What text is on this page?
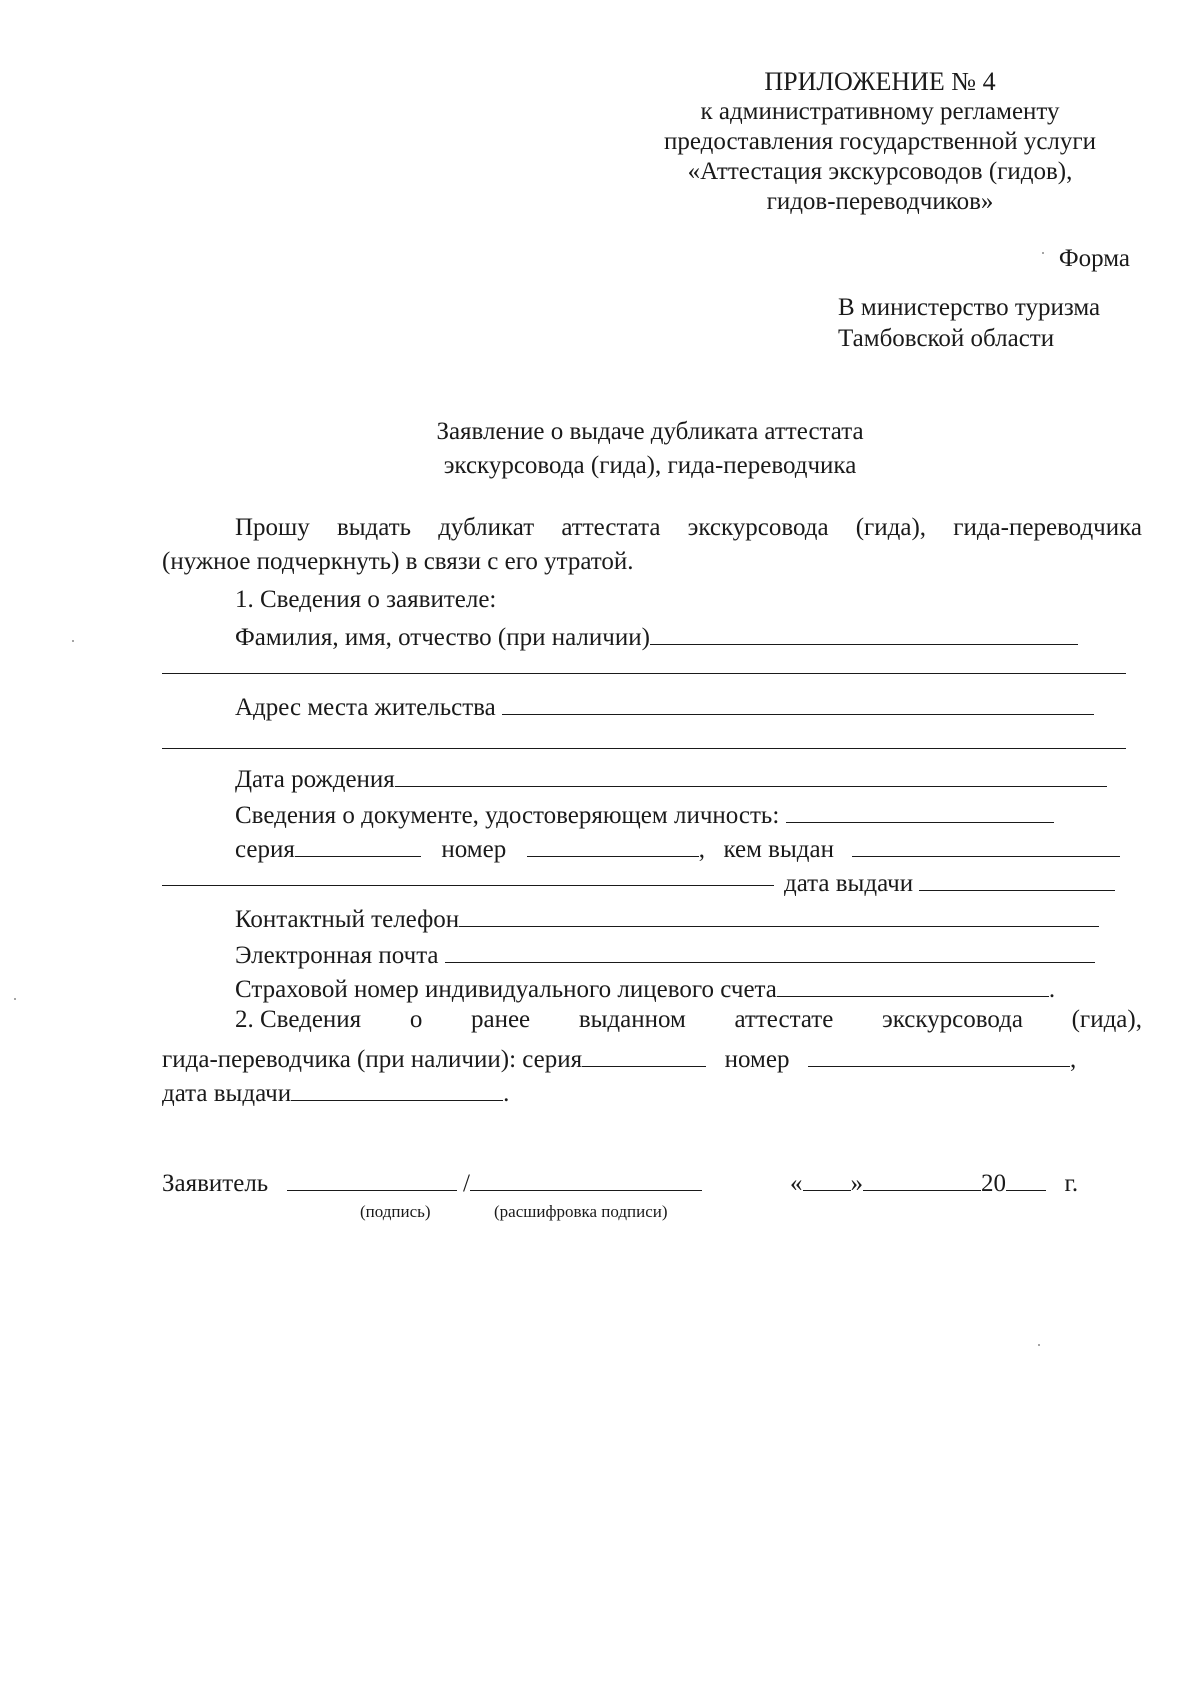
ПРИЛОЖЕНИЕ № 4
к административному регламенту
предоставления государственной услуги
«Аттестация экскурсоводов (гидов),
гидов-переводчиков»
Форма
В министерство туризма
Тамбовской области
Заявление о выдаче дубликата аттестата
экскурсовода (гида), гида-переводчика
Прошу выдать дубликат аттестата экскурсовода (гида), гида-переводчика
(нужное подчеркнуть) в связи с его утратой.
1. Сведения о заявителе:
Фамилия, имя, отчество (при наличии)
Адрес места жительства
Дата рождения
Сведения о документе, удостоверяющем личность:
серия	номер	, кем выдан
дата выдачи
Контактный телефон
Электронная почта
Страховой номер индивидуального лицевого счета	.
2. Сведения о ранее выданном аттестате экскурсовода (гида),
гида-переводчика (при наличии): серия	номер	,
дата выдачи	.
Заявитель	/	« »	20 г.
(подпись)	(расшифровка подписи)
